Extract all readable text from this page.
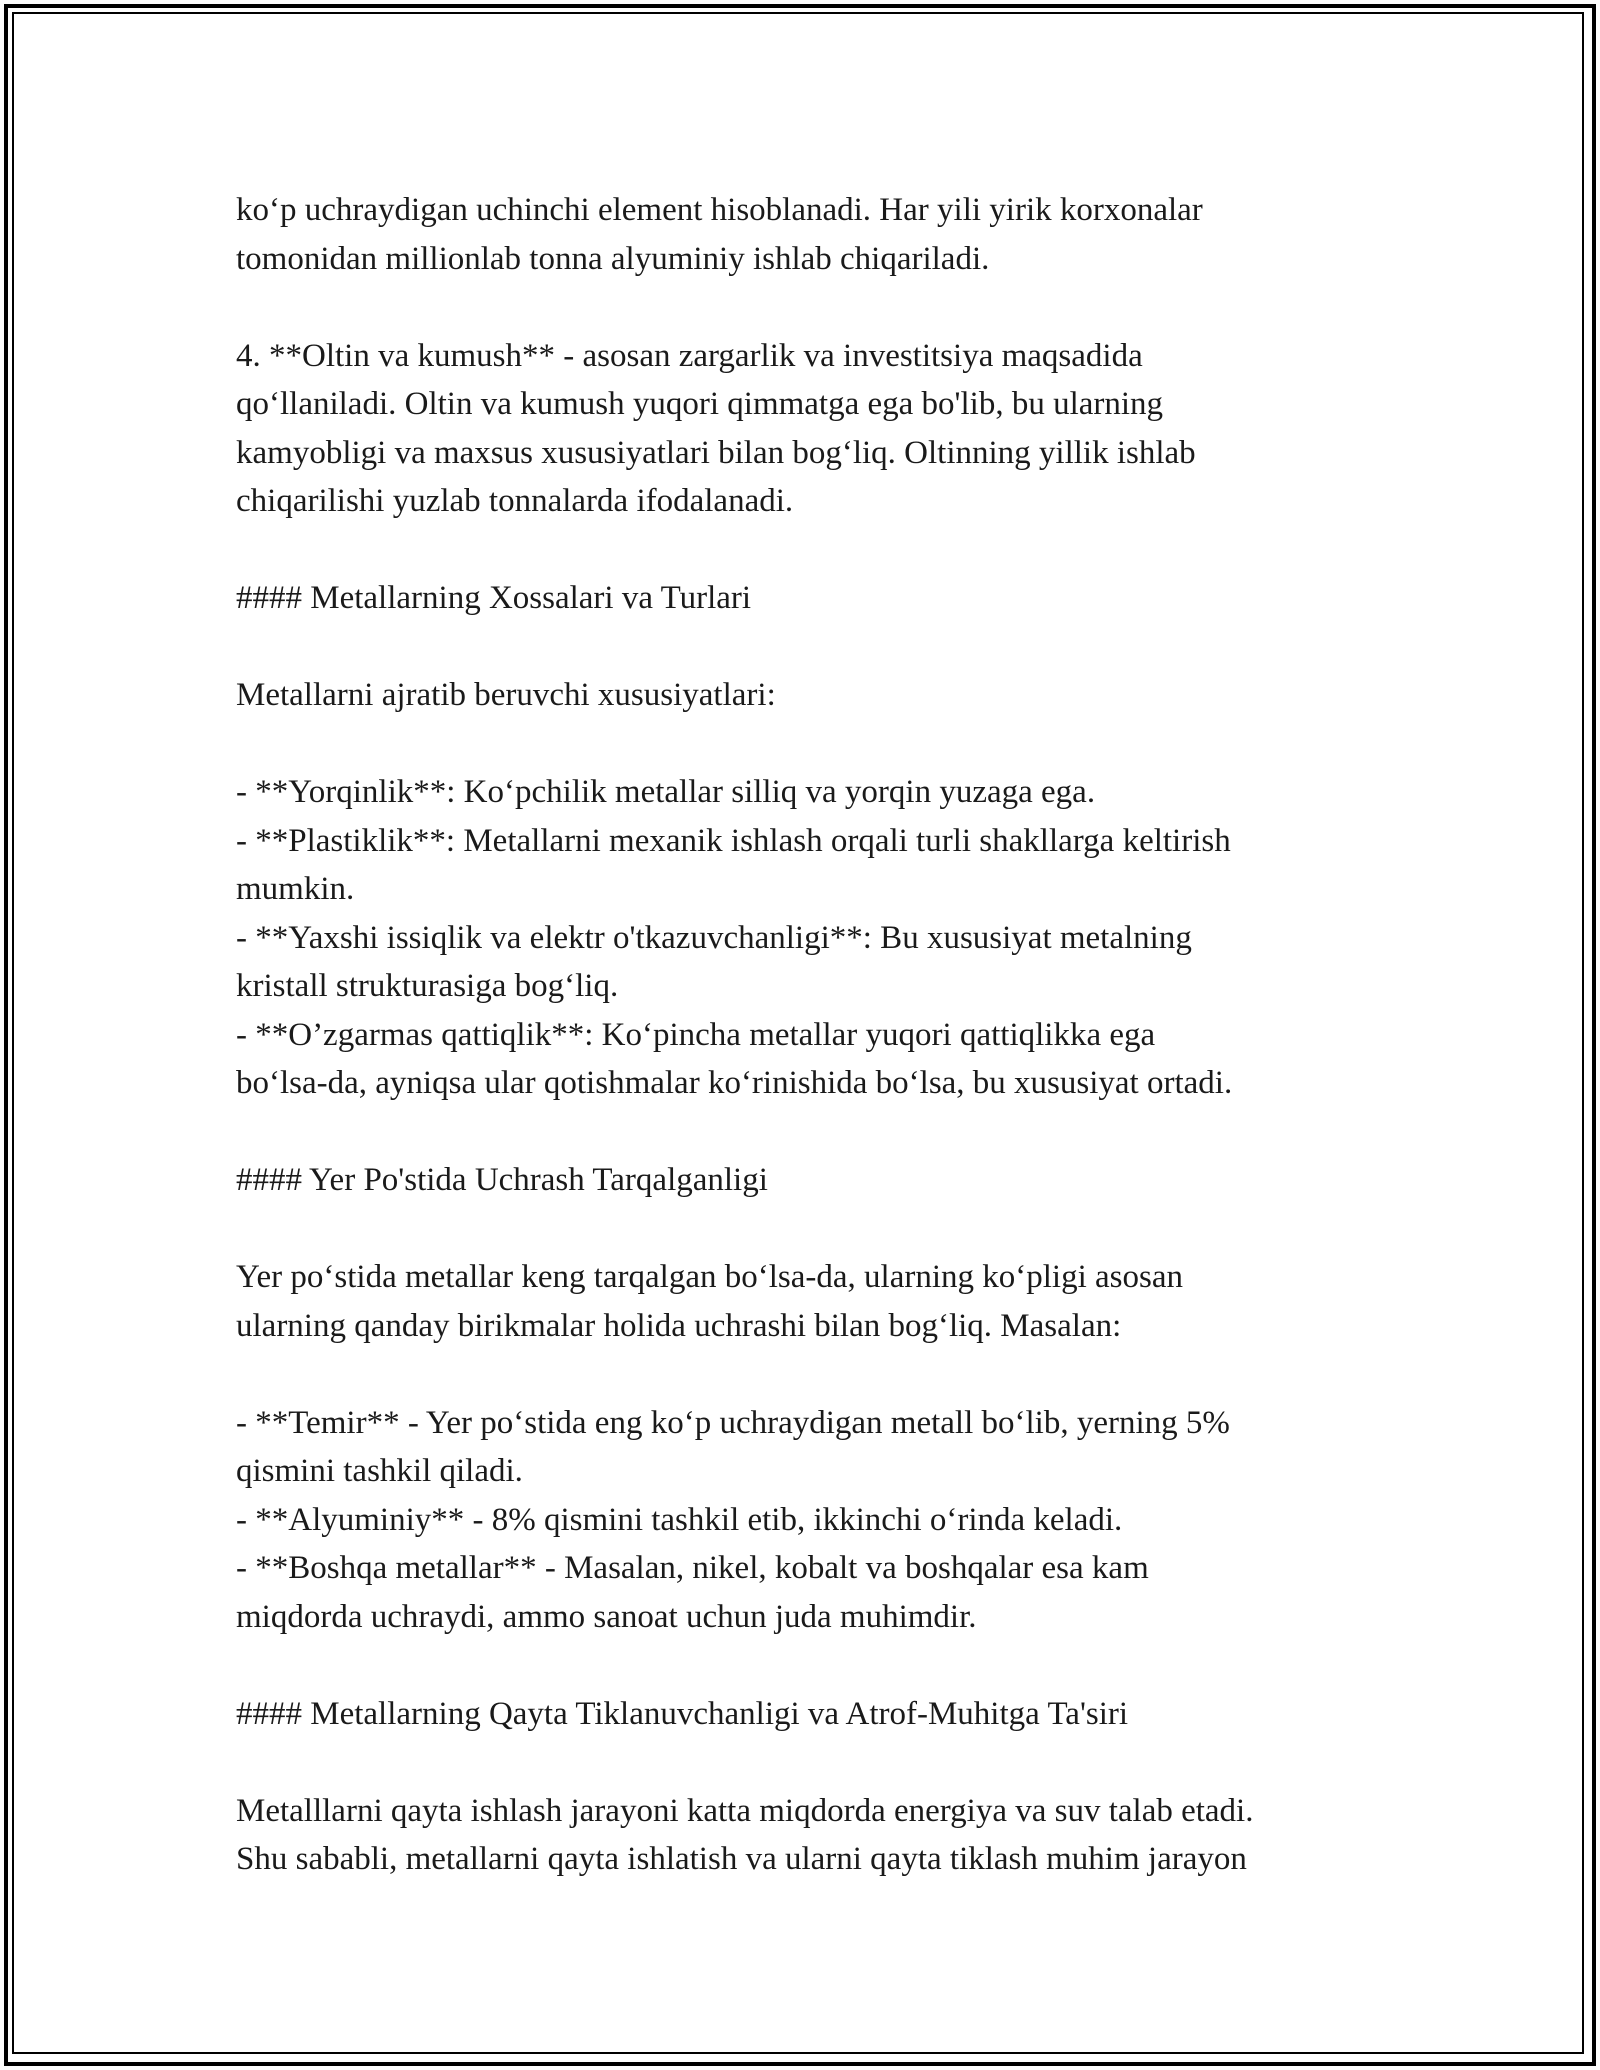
ko‘p uchraydigan uchinchi element hisoblanadi. Har yili yirik korxonalar
tomonidan millionlab tonna alyuminiy ishlab chiqariladi.
4. **Oltin va kumush** - asosan zargarlik va investitsiya maqsadida
qo‘llaniladi. Oltin va kumush yuqori qimmatga ega bo'lib, bu ularning
kamyobligi va maxsus xususiyatlari bilan bog‘liq. Oltinning yillik ishlab
chiqarilishi yuzlab tonnalarda ifodalanadi.
#### Metallarning Xossalari va Turlari
Metallarni ajratib beruvchi xususiyatlari:
- **Yorqinlik**: Ko‘pchilik metallar silliq va yorqin yuzaga ega.
- **Plastiklik**: Metallarni mexanik ishlash orqali turli shakllarga keltirish
mumkin.
- **Yaxshi issiqlik va elektr o'tkazuvchanligi**: Bu xususiyat metalning
kristall strukturasiga bog‘liq.
- **O’zgarmas qattiqlik**: Ko‘pincha metallar yuqori qattiqlikka ega
bo‘lsa-da, ayniqsa ular qotishmalar ko‘rinishida bo‘lsa, bu xususiyat ortadi.
#### Yer Po'stida Uchrash Tarqalganligi
Yer po‘stida metallar keng tarqalgan bo‘lsa-da, ularning ko‘pligi asosan
ularning qanday birikmalar holida uchrashi bilan bog‘liq. Masalan:
- **Temir** - Yer po‘stida eng ko‘p uchraydigan metall bo‘lib, yerning 5%
qismini tashkil qiladi.
- **Alyuminiy** - 8% qismini tashkil etib, ikkinchi o‘rinda keladi.
- **Boshqa metallar** - Masalan, nikel, kobalt va boshqalar esa kam
miqdorda uchraydi, ammo sanoat uchun juda muhimdir.
#### Metallarning Qayta Tiklanuvchanligi va Atrof-Muhitga Ta'siri
Metalllarni qayta ishlash jarayoni katta miqdorda energiya va suv talab etadi.
Shu sababli, metallarni qayta ishlatish va ularni qayta tiklash muhim jarayon
